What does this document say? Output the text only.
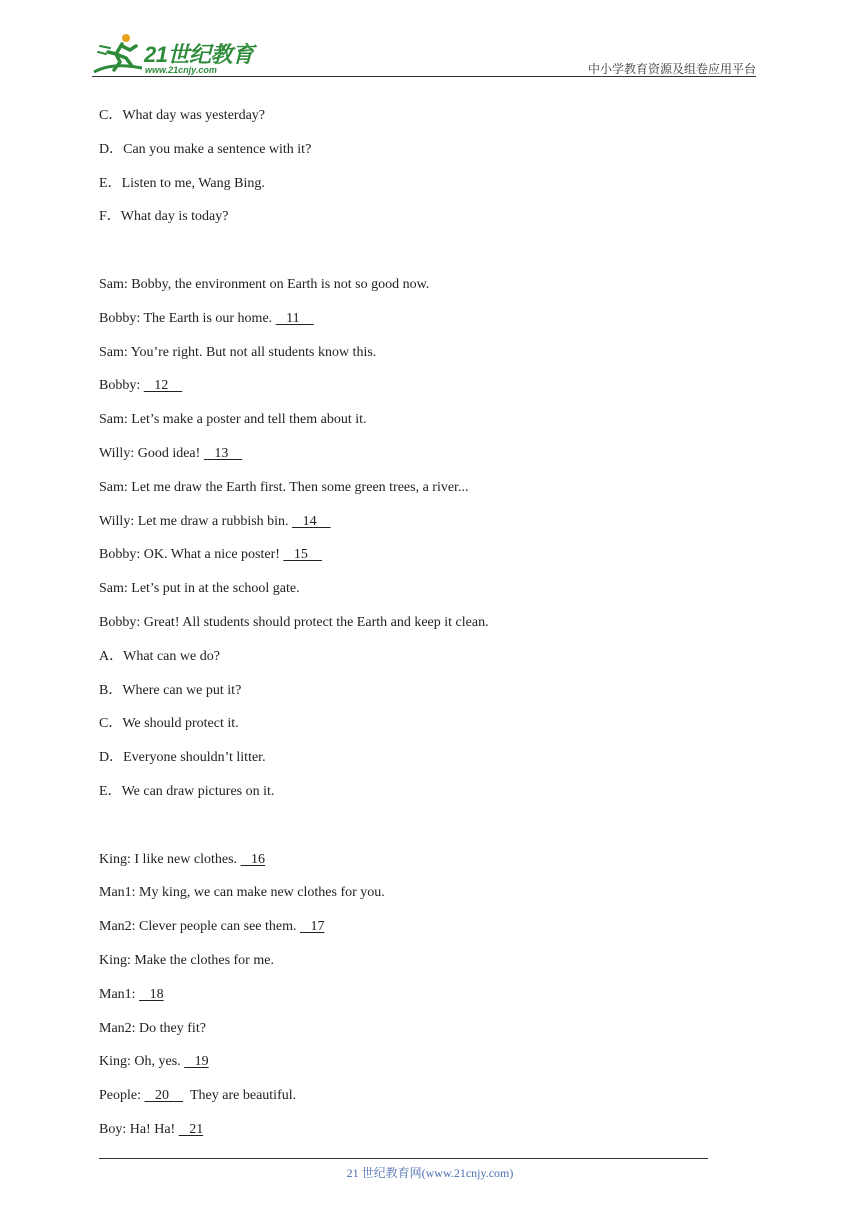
21世纪教育
www.21cnjy.com	中小学教育资源及组卷应用平台
C．What day was yesterday?
D．Can you make a sentence with it?
E．Listen to me, Wang Bing.
F．What day is today?
Sam: Bobby, the environment on Earth is not so good now.
Bobby: The Earth is our home.    11
Sam: You’re right. But not all students know this.
Bobby:    12
Sam: Let’s make a poster and tell them about it.
Willy: Good idea!    13
Sam: Let me draw the Earth first. Then some green trees, a river...
Willy: Let me draw a rubbish bin.    14
Bobby: OK. What a nice poster!    15
Sam: Let’s put in at the school gate.
Bobby: Great! All students should protect the Earth and keep it clean.
A．What can we do?
B．Where can we put it?
C．We should protect it.
D．Everyone shouldn’t litter.
E．We can draw pictures on it.
King: I like new clothes.    16
Man1: My king, we can make new clothes for you.
Man2: Clever people can see them.    17
King: Make the clothes for me.
Man1:    18
Man2: Do they fit?
King: Oh, yes.    19
People:    20      They are beautiful.
Boy: Ha! Ha!    21
21 世纪教育网(www.21cnjy.com)
